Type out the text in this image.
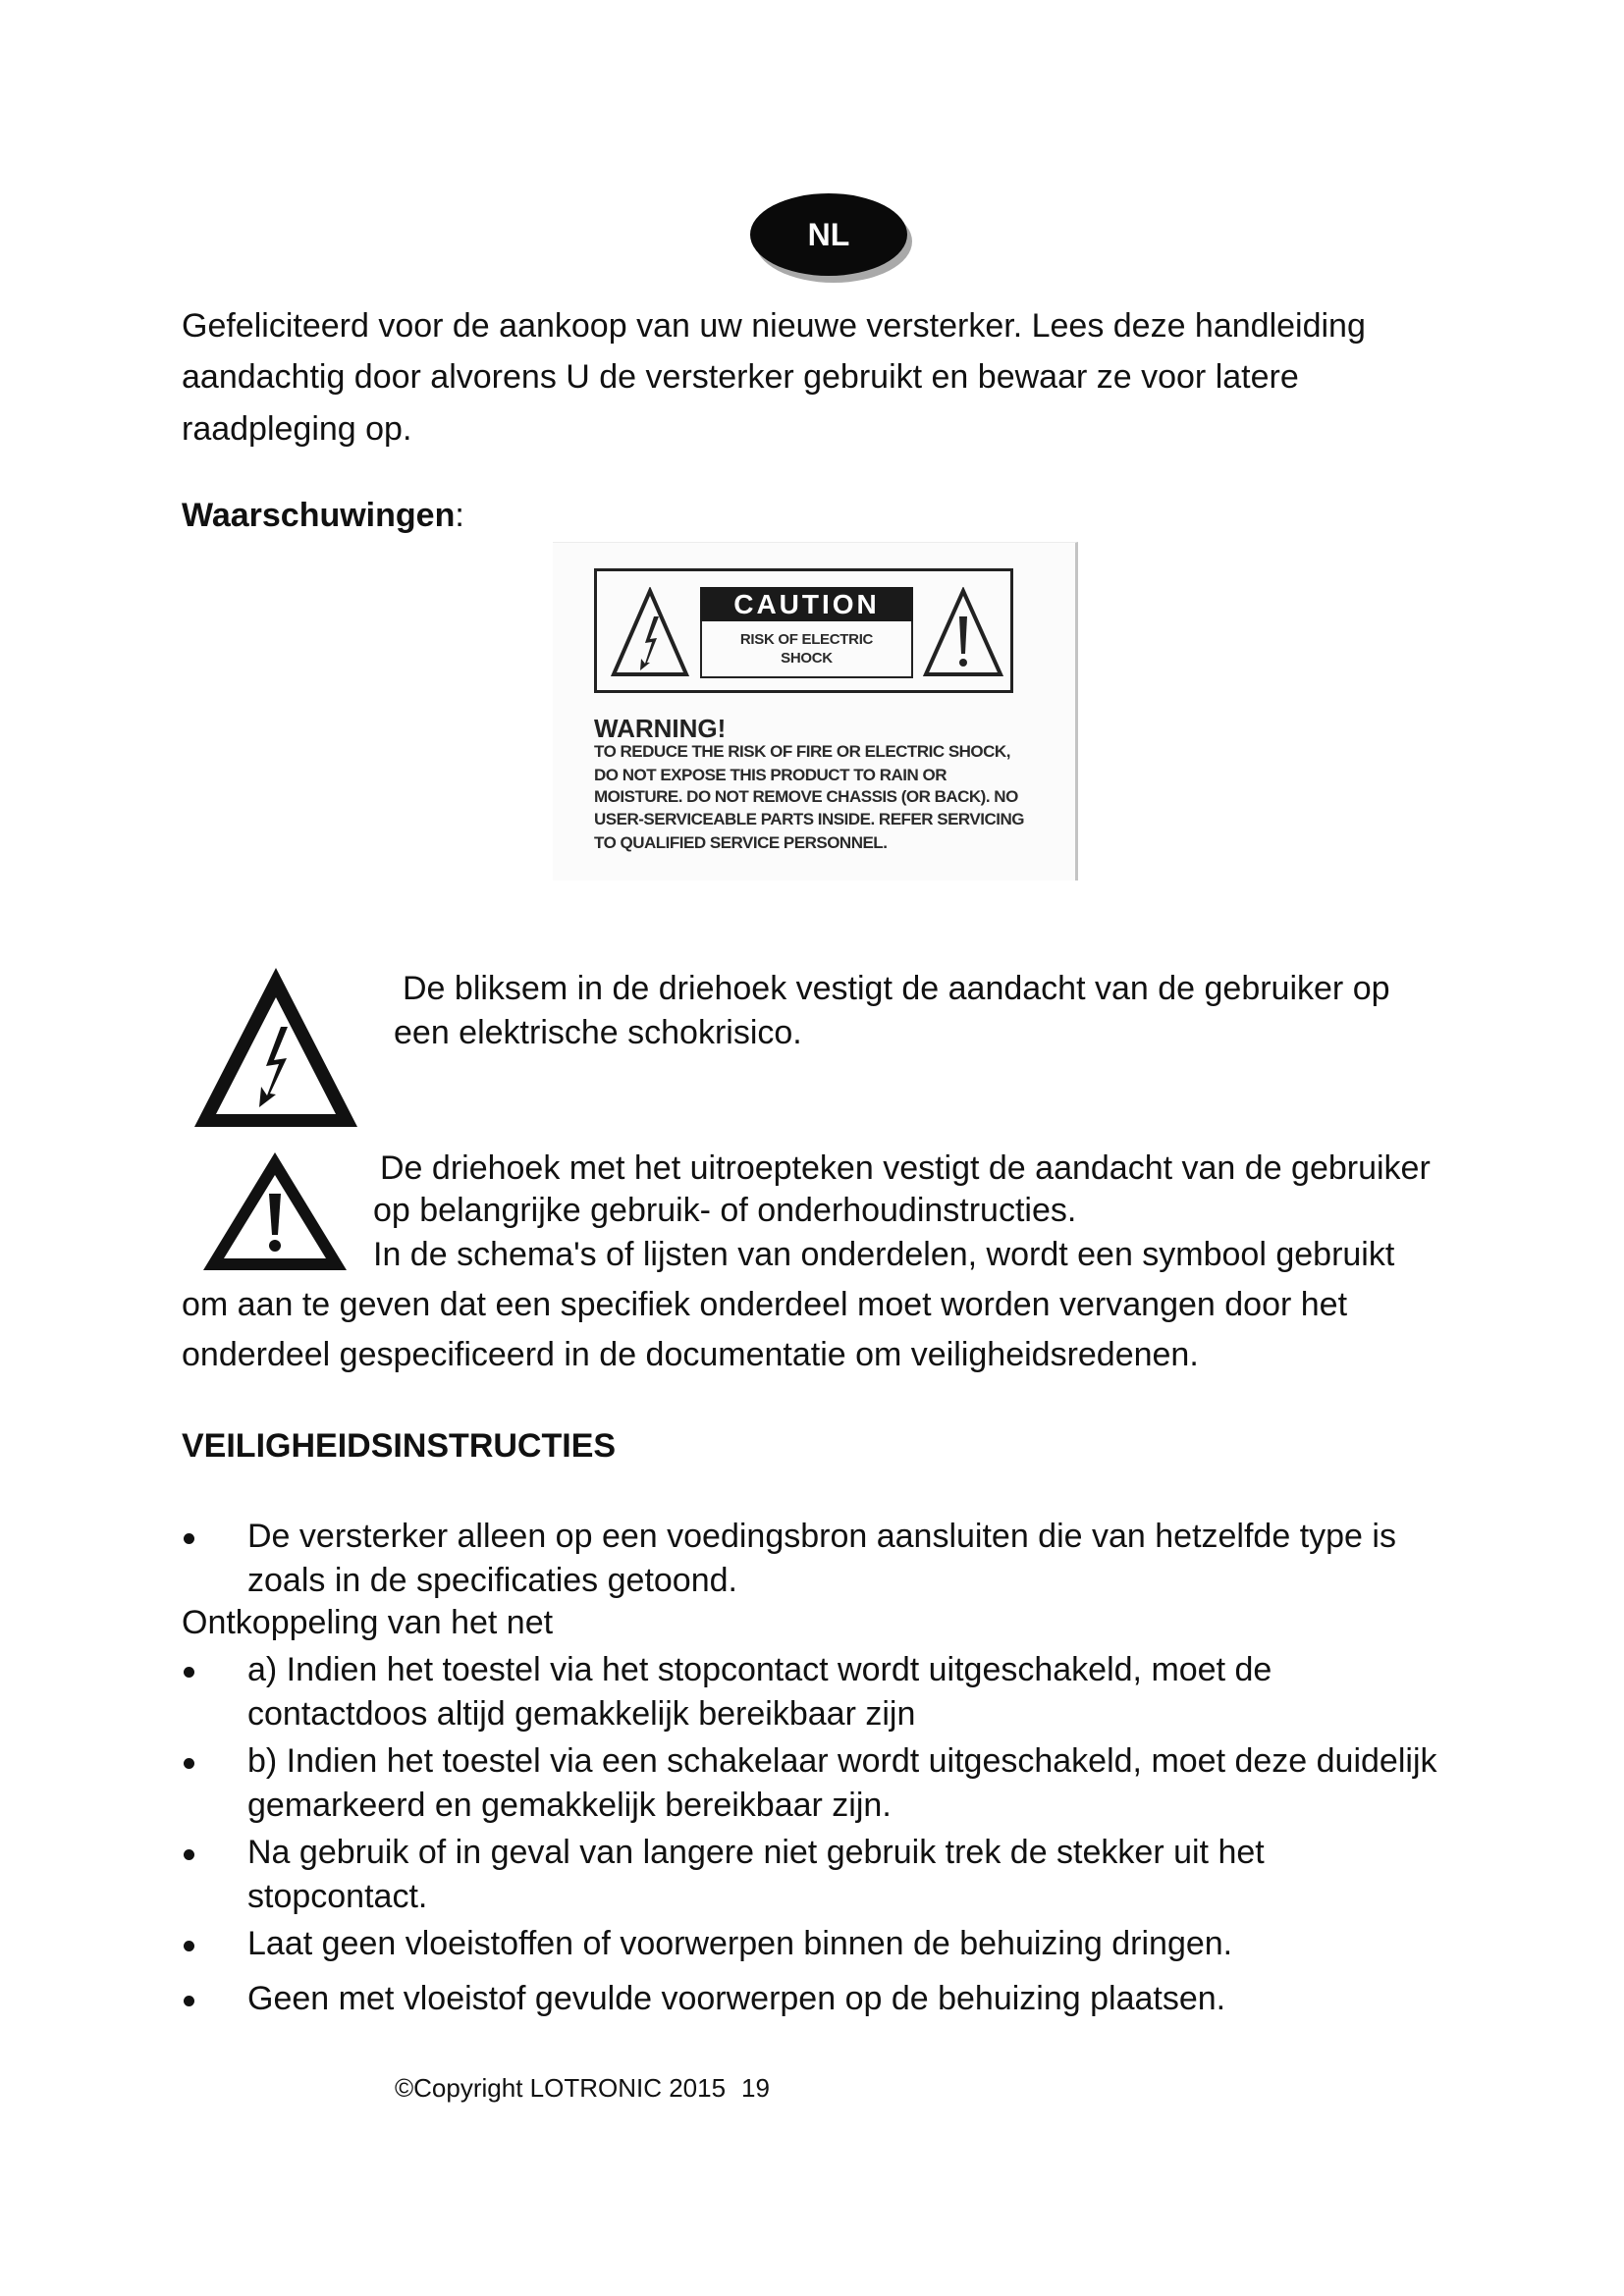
NL
Gefeliciteerd voor de aankoop van uw nieuwe versterker. Lees deze handleiding
aandachtig door alvorens U de versterker gebruikt en bewaar ze voor latere
raadpleging op.
Waarschuwingen:
CAUTION
RISK OF ELECTRIC
SHOCK
WARNING!
TO REDUCE THE RISK OF FIRE OR ELECTRIC SHOCK,
DO NOT EXPOSE THIS PRODUCT TO RAIN OR
MOISTURE. DO NOT REMOVE CHASSIS (OR BACK). NO
USER-SERVICEABLE PARTS INSIDE. REFER SERVICING
TO QUALIFIED SERVICE PERSONNEL.
De bliksem in de driehoek vestigt de aandacht van de gebruiker op
een elektrische schokrisico.
De driehoek met het uitroepteken vestigt de aandacht van de gebruiker
op belangrijke gebruik- of onderhoudinstructies.
In de schema's of lijsten van onderdelen, wordt een symbool gebruikt
om aan te geven dat een specifiek onderdeel moet worden vervangen door het
onderdeel gespecificeerd in de documentatie om veiligheidsredenen.
VEILIGHEIDSINSTRUCTIES
De versterker alleen op een voedingsbron aansluiten die van hetzelfde type is
zoals in de specificaties getoond.
Ontkoppeling van het net
a) Indien het toestel via het stopcontact wordt uitgeschakeld, moet de
contactdoos altijd gemakkelijk bereikbaar zijn
b) Indien het toestel via een schakelaar wordt uitgeschakeld, moet deze duidelijk
gemarkeerd en gemakkelijk bereikbaar zijn.
Na gebruik of in geval van langere niet gebruik trek de stekker uit het
stopcontact.
Laat geen vloeistoffen of voorwerpen binnen de behuizing dringen.
Geen met vloeistof gevulde voorwerpen op de behuizing plaatsen.
©Copyright LOTRONIC 2015 19
